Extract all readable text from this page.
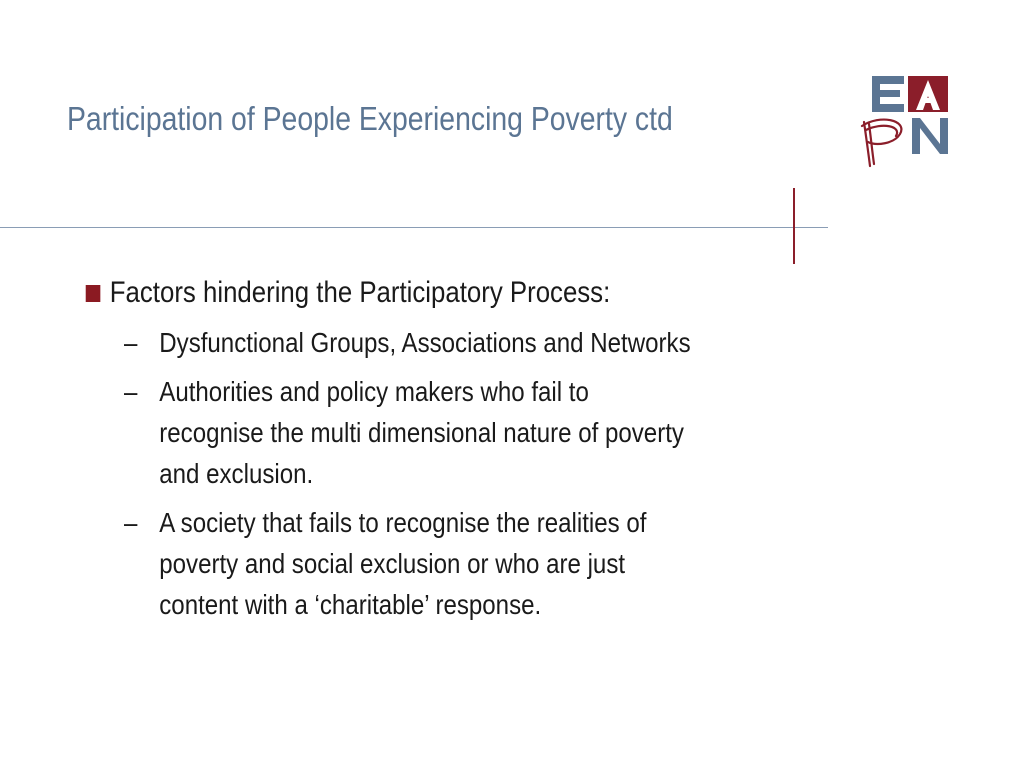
Participation of People Experiencing Poverty ctd
Factors hindering the Participatory Process:
– Dysfunctional Groups, Associations and Networks
– Authorities and policy makers who fail to
recognise the multi dimensional nature of poverty
and exclusion.
– A society that fails to recognise the realities of
poverty and social exclusion or who are just
content with a ‘charitable’ response.
